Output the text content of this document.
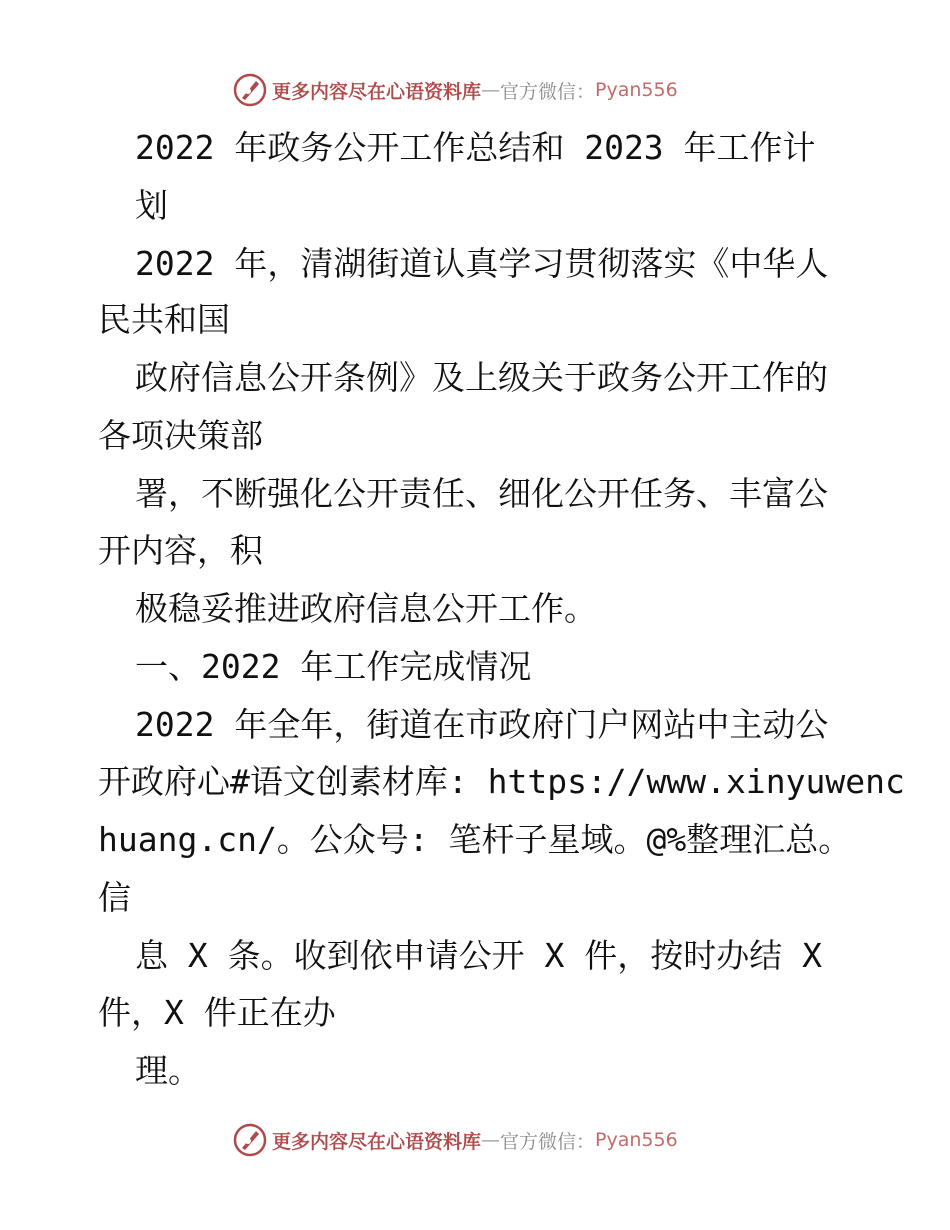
更多内容尽在心语资料库 — 官方微信： Pyan556
2022 年政务公开工作总结和 2023 年工作计
划
2022 年，清湖街道认真学习贯彻落实《中华人
民共和国
政府信息公开条例》及上级关于政务公开工作的
各项决策部
署，不断强化公开责任、细化公开任务、丰富公
开内容，积
极稳妥推进政府信息公开工作。
一、2022 年工作完成情况
2022 年全年，街道在市政府门户网站中主动公
开政府心#语文创素材库: https://www.xinyuwenc
huang.cn/。公众号: 笔杆子星域。@%整理汇总。
信
息 X 条。收到依申请公开 X 件，按时办结 X
件，X 件正在办
理。
更多内容尽在心语资料库 — 官方微信： Pyan556
